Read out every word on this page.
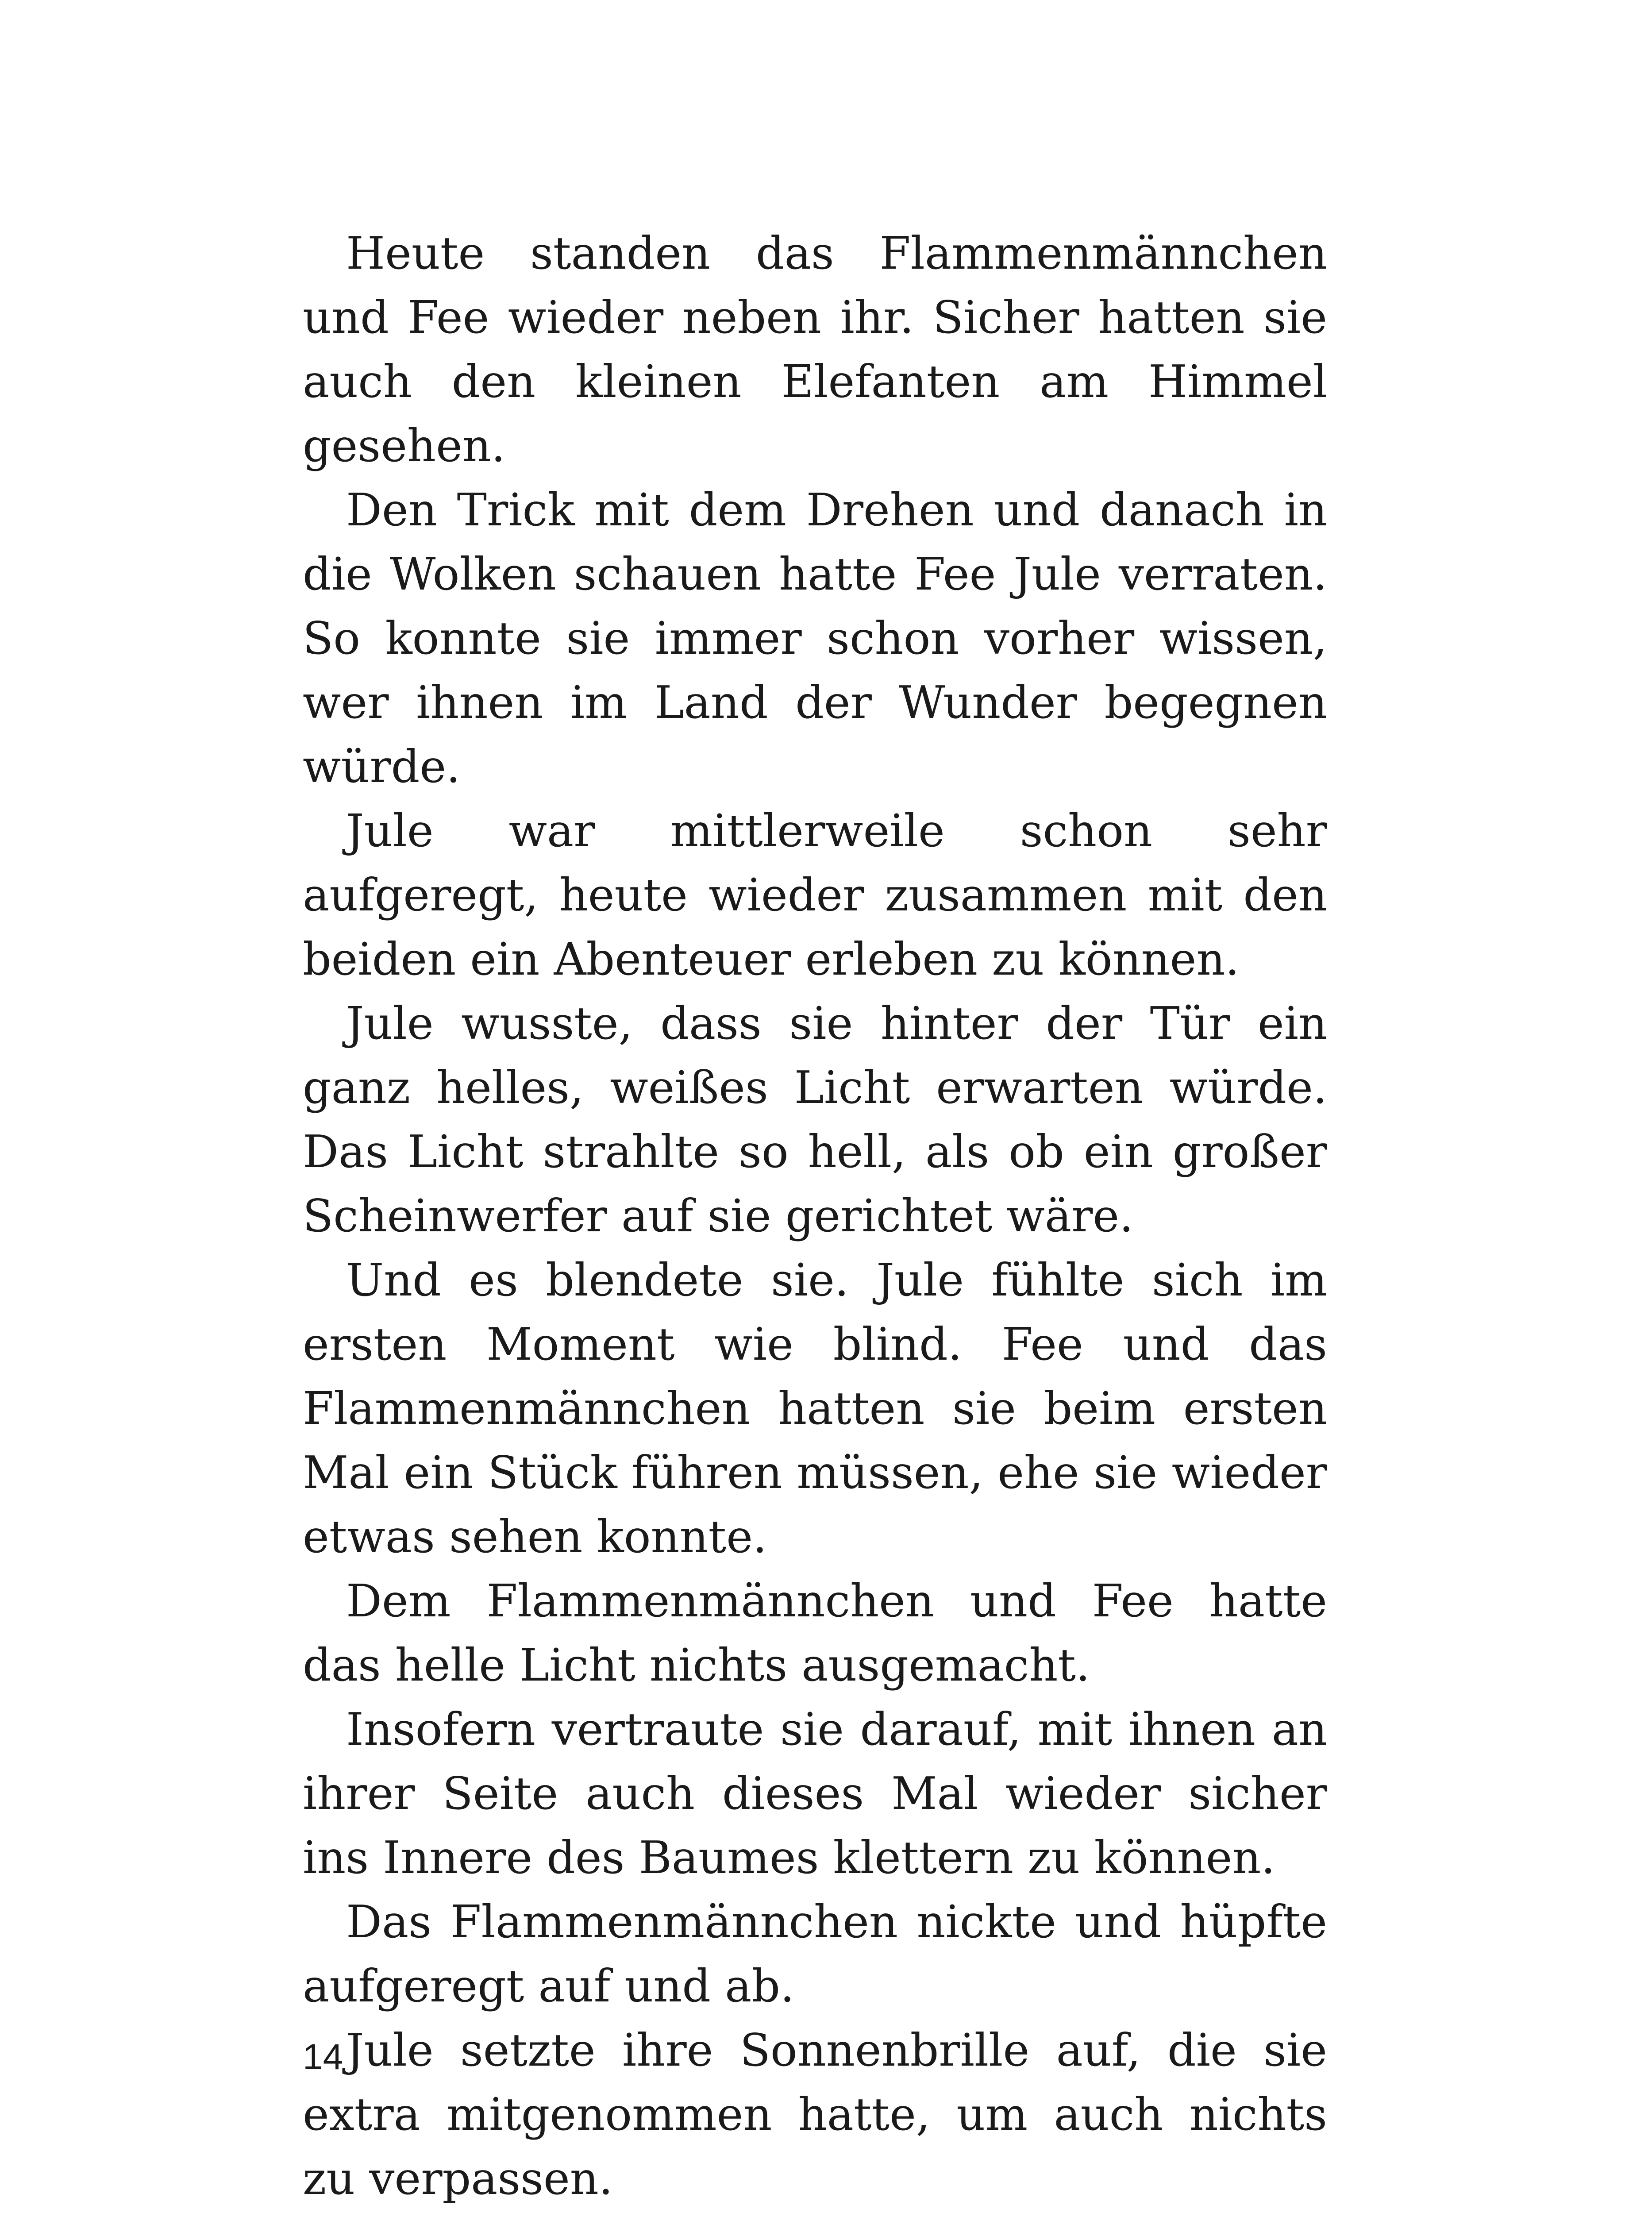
Heute standen das Flammenmännchen und Fee wieder neben ihr. Sicher hatten sie auch den kleinen Elefanten am Himmel gesehen.

Den Trick mit dem Drehen und danach in die Wolken schauen hatte Fee Jule verraten. So konnte sie immer schon vorher wissen, wer ihnen im Land der Wunder begegnen würde.

Jule war mittlerweile schon sehr aufgeregt, heute wieder zusammen mit den beiden ein Abenteuer erleben zu können.

Jule wusste, dass sie hinter der Tür ein ganz helles, weißes Licht erwarten würde. Das Licht strahlte so hell, als ob ein großer Scheinwerfer auf sie gerichtet wäre.

Und es blendete sie. Jule fühlte sich im ersten Moment wie blind. Fee und das Flammenmännchen hatten sie beim ersten Mal ein Stück führen müssen, ehe sie wieder etwas sehen konnte.

Dem Flammenmännchen und Fee hatte das helle Licht nichts ausgemacht.

Insofern vertraute sie darauf, mit ihnen an ihrer Seite auch dieses Mal wieder sicher ins Innere des Baumes klettern zu können.

Das Flammenmännchen nickte und hüpfte aufgeregt auf und ab.

Jule setzte ihre Sonnenbrille auf, die sie extra mitgenommen hatte, um auch nichts zu verpassen.

14
